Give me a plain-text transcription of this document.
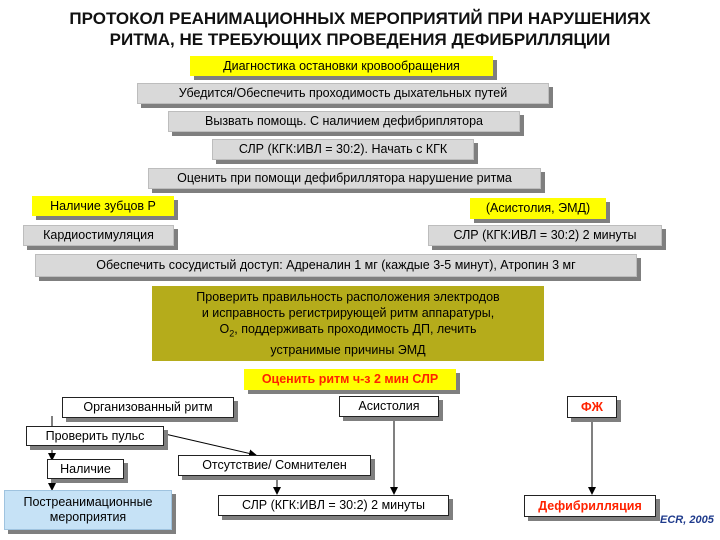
ПРОТОКОЛ РЕАНИМАЦИОННЫХ МЕРОПРИЯТИЙ ПРИ НАРУШЕНИЯХ
РИТМА, НЕ ТРЕБУЮЩИХ ПРОВЕДЕНИЯ ДЕФИБРИЛЛЯЦИИ
Диагностика остановки кровообращения
Убедится/Обеспечить проходимость дыхательных путей
Вызвать помощь. С наличием дефибриплятора
СЛР (КГК:ИВЛ = 30:2). Начать с КГК
Оценить при помощи дефибриллятора нарушение ритма
Наличие зубцов Р	(Асистолия, ЭМД)
Кардиостимуляция	СЛР (КГК:ИВЛ = 30:2) 2 минуты
Обеспечить сосудистый доступ: Адреналин 1 мг (каждые 3-5 минут), Атропин 3 мг
Проверить правильность расположения электродов
и исправность регистрирующей ритм аппаратуры,
$O_2$, поддерживать проходимость ДП, лечить
устранимые причины ЭМД
Оценить ритм ч-з 2 мин СЛР
Организованный ритм	Асистолия	ФЖ
Проверить пульс
Наличие	Отсутствие/ Сомнителен
Постреанимационные
мероприятия
СЛР (КГК:ИВЛ = 30:2) 2 минуты	Дефибрилляция
ECR, 2005
